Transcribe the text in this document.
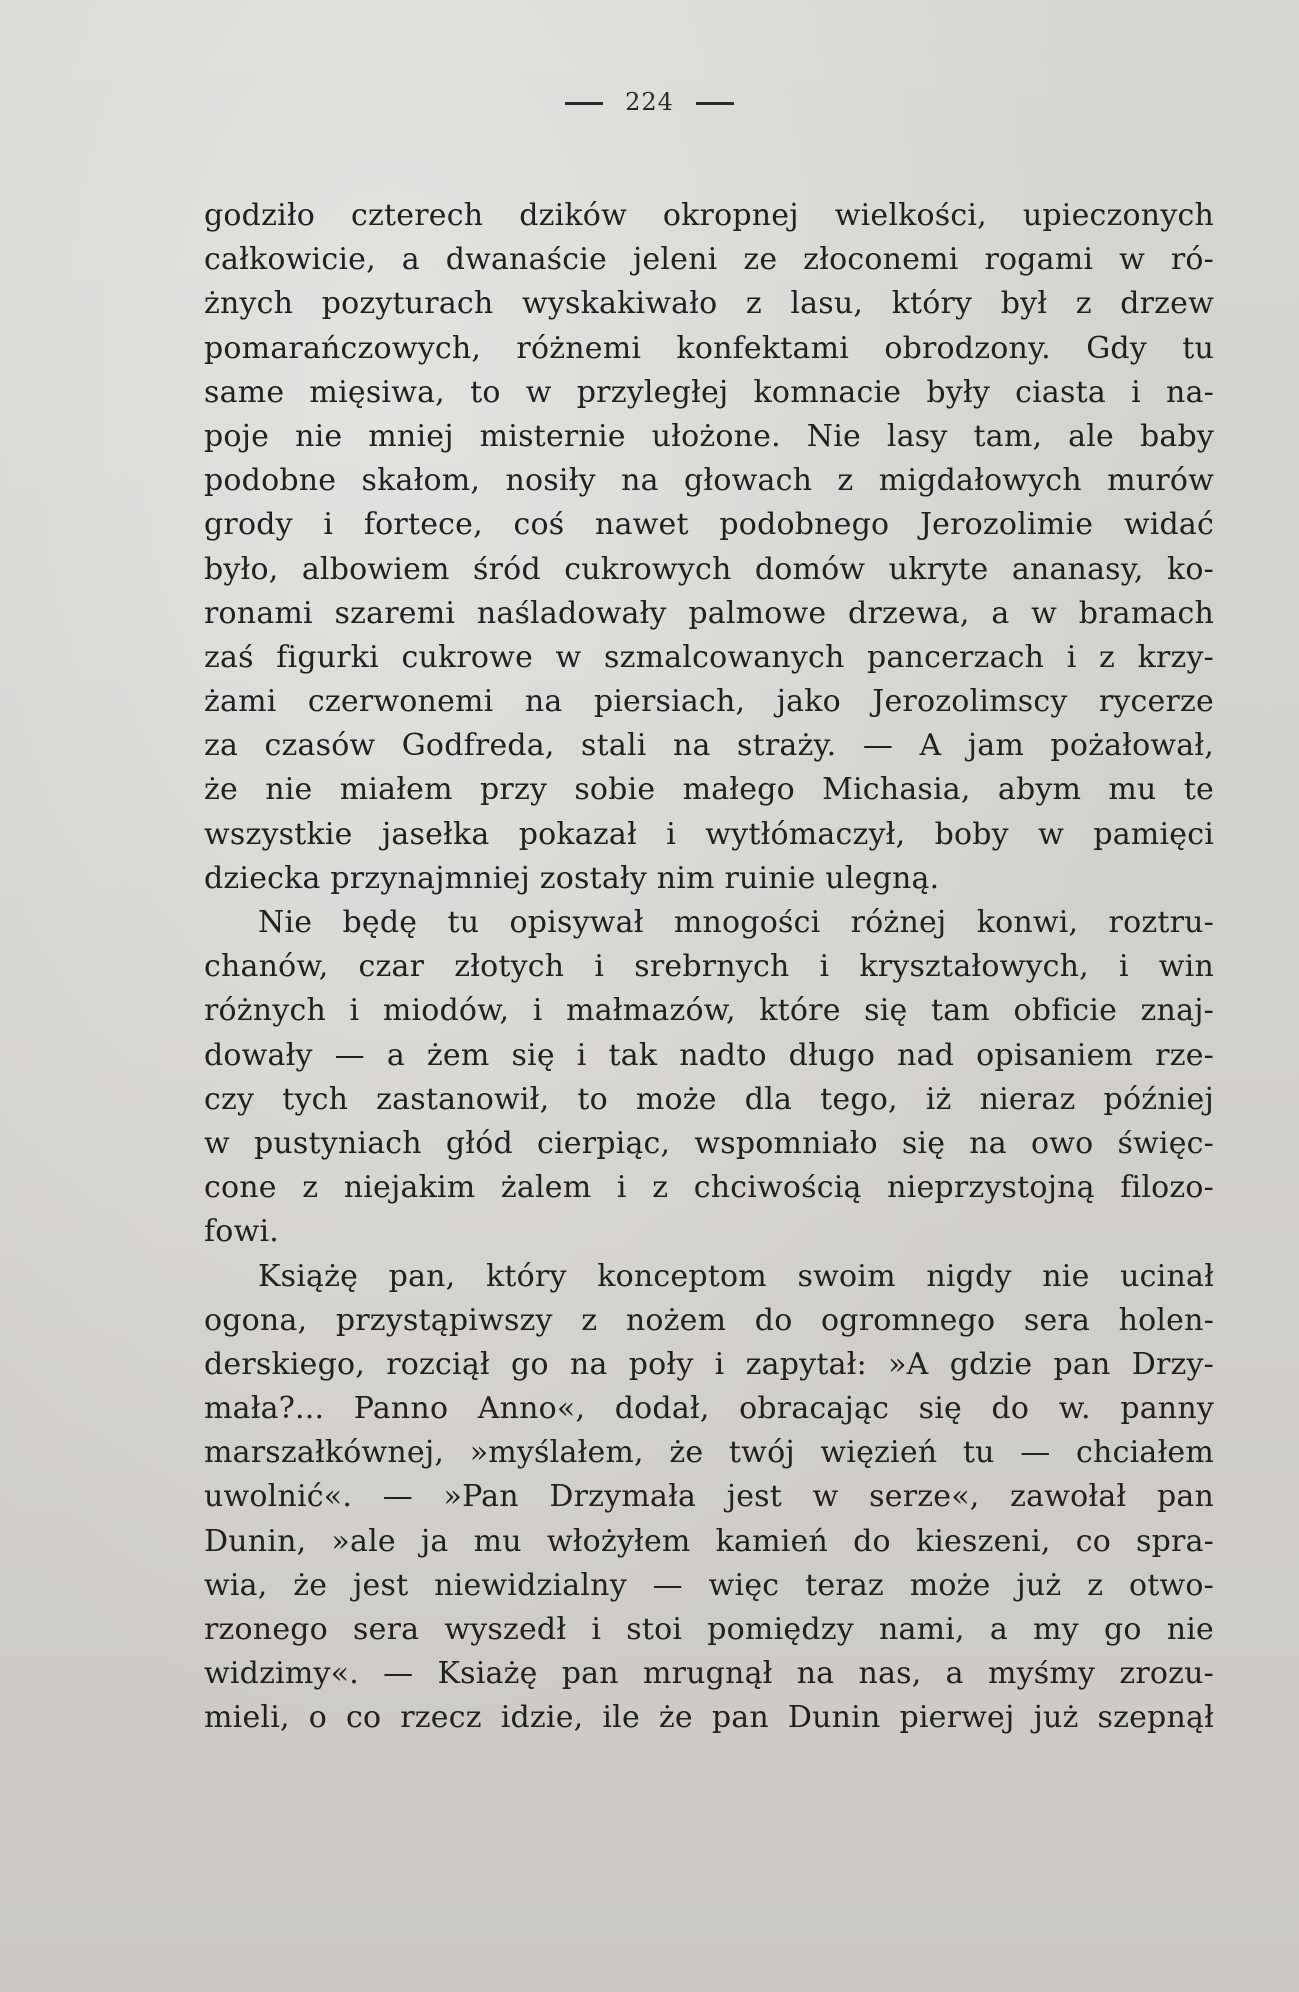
224
godziło czterech dzików okropnej wielkości, upieczonych
całkowicie, a dwanaście jeleni ze złoconemi rogami w ró-
żnych pozyturach wyskakiwało z lasu, który był z drzew
pomarańczowych, różnemi konfektami obrodzony. Gdy tu
same mięsiwa, to w przyległej komnacie były ciasta i na-
poje nie mniej misternie ułożone. Nie lasy tam, ale baby
podobne skałom, nosiły na głowach z migdałowych murów
grody i fortece, coś nawet podobnego Jerozolimie widać
było, albowiem śród cukrowych domów ukryte ananasy, ko-
ronami szaremi naśladowały palmowe drzewa, a w bramach
zaś figurki cukrowe w szmalcowanych pancerzach i z krzy-
żami czerwonemi na piersiach, jako Jerozolimscy rycerze
za czasów Godfreda, stali na straży. — A jam pożałował,
że nie miałem przy sobie małego Michasia, abym mu te
wszystkie jasełka pokazał i wytłómaczył, boby w pamięci
dziecka przynajmniej zostały nim ruinie ulegną.
Nie będę tu opisywał mnogości różnej konwi, roztru-
chanów, czar złotych i srebrnych i kryształowych, i win
różnych i miodów, i małmazów, które się tam obficie znaj-
dowały — a żem się i tak nadto długo nad opisaniem rze-
czy tych zastanowił, to może dla tego, iż nieraz później
w pustyniach głód cierpiąc, wspomniało się na owo święc-
cone z niejakim żalem i z chciwością nieprzystojną filozo-
fowi.
Książę pan, który konceptom swoim nigdy nie ucinał
ogona, przystąpiwszy z nożem do ogromnego sera holen-
derskiego, rozciął go na poły i zapytał: »A gdzie pan Drzy-
mała?... Panno Anno«, dodał, obracając się do w. panny
marszałkównej, »myślałem, że twój więzień tu — chciałem
uwolnić«. — »Pan Drzymała jest w serze«, zawołał pan
Dunin, »ale ja mu włożyłem kamień do kieszeni, co spra-
wia, że jest niewidzialny — więc teraz może już z otwo-
rzonego sera wyszedł i stoi pomiędzy nami, a my go nie
widzimy«. — Ksiażę pan mrugnął na nas, a myśmy zrozu-
mieli, o co rzecz idzie, ile że pan Dunin pierwej już szepnął
